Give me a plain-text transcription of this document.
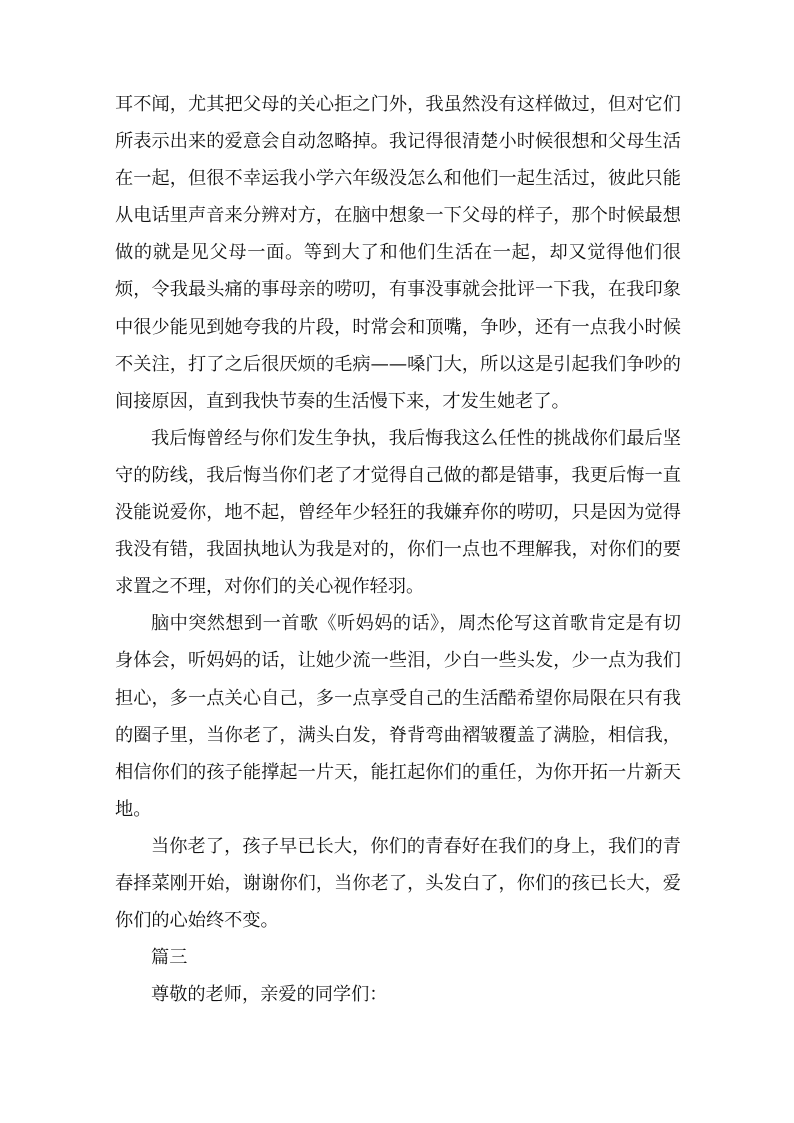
耳不闻，尤其把父母的关心拒之门外，我虽然没有这样做过，但对它们所表示出来的爱意会自动忽略掉。我记得很清楚小时候很想和父母生活在一起，但很不幸运我小学六年级没怎么和他们一起生活过，彼此只能从电话里声音来分辨对方，在脑中想象一下父母的样子，那个时候最想做的就是见父母一面。等到大了和他们生活在一起，却又觉得他们很烦，令我最头痛的事母亲的唠叨，有事没事就会批评一下我，在我印象中很少能见到她夸我的片段，时常会和顶嘴，争吵，还有一点我小时候不关注，打了之后很厌烦的毛病——嗓门大，所以这是引起我们争吵的间接原因，直到我快节奏的生活慢下来，才发生她老了。

我后悔曾经与你们发生争执，我后悔我这么任性的挑战你们最后坚守的防线，我后悔当你们老了才觉得自己做的都是错事，我更后悔一直没能说爱你，地不起，曾经年少轻狂的我嫌弃你的唠叨，只是因为觉得我没有错，我固执地认为我是对的，你们一点也不理解我，对你们的要求置之不理，对你们的关心视作轻羽。

脑中突然想到一首歌《听妈妈的话》，周杰伦写这首歌肯定是有切身体会，听妈妈的话，让她少流一些泪，少白一些头发，少一点为我们担心，多一点关心自己，多一点享受自己的生活酷希望你局限在只有我的圈子里，当你老了，满头白发，脊背弯曲褶皱覆盖了满脸，相信我，相信你们的孩子能撑起一片天，能扛起你们的重任，为你开拓一片新天地。

当你老了，孩子早已长大，你们的青春好在我们的身上，我们的青春择菜刚开始，谢谢你们，当你老了，头发白了，你们的孩已长大，爱你们的心始终不变。

篇三

尊敬的老师，亲爱的同学们：
